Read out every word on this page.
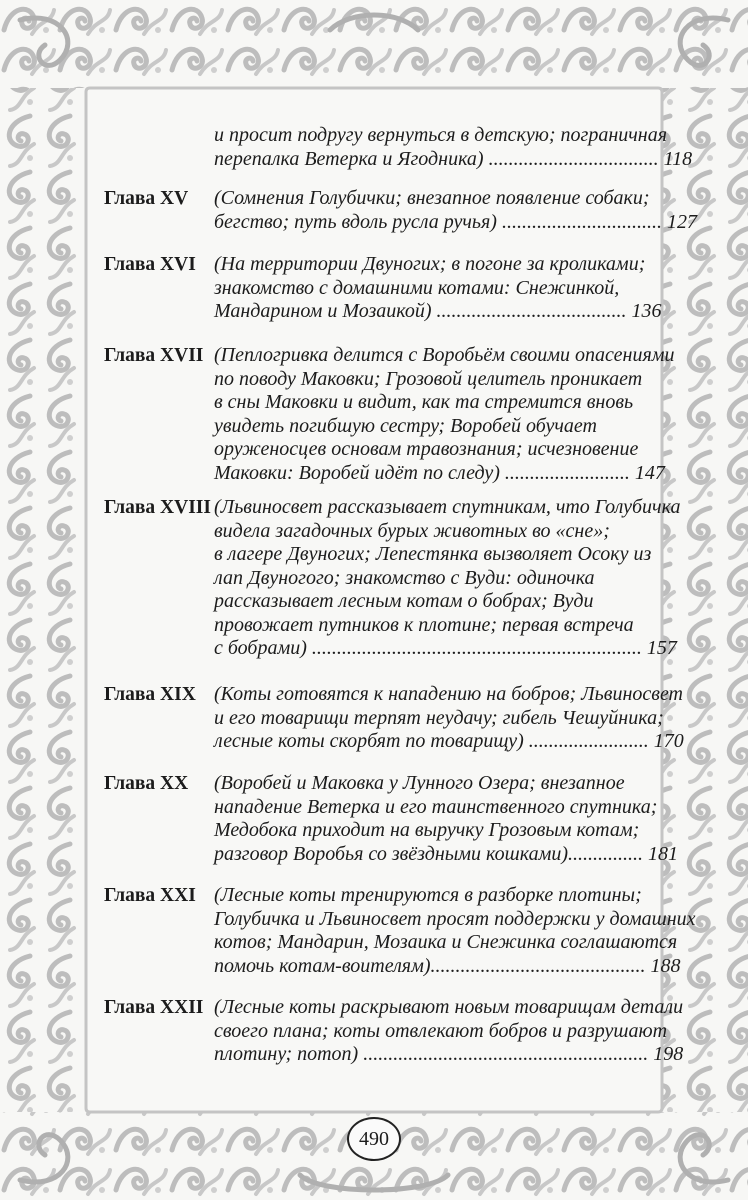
и просит подругу вернуться в детскую; пограничная
перепалка Ветерка и Ягодника) .................................. 118
Глава XV (Сомнения Голубички; внезапное появление собаки;
бегство; путь вдоль русла ручья) ................................ 127
Глава XVI (На территории Двуногих; в погоне за кроликами;
знакомство с домашними котами: Снежинкой,
Мандарином и Мозаикой) ...................................... 136
Глава XVII (Пеплогривка делится с Воробьём своими опасениями
по поводу Маковки; Грозовой целитель проникает
в сны Маковки и видит, как та стремится вновь
увидеть погибшую сестру; Воробей обучает
оруженосцев основам травознания; исчезновение
Маковки: Воробей идёт по следу) ......................... 147
Глава XVIII (Львиносвет рассказывает спутникам, что Голубичка
видела загадочных бурых животных во «сне»;
в лагере Двуногих; Лепестянка вызволяет Осоку из
лап Двуногого; знакомство с Вуди: одиночка
рассказывает лесным котам о бобрах; Вуди
провожает путников к плотине; первая встреча
с бобрами) .................................................................. 157
Глава XIX (Коты готовятся к нападению на бобров; Львиносвет
и его товарищи терпят неудачу; гибель Чешуйника;
лесные коты скорбят по товарищу) ........................ 170
Глава XX (Воробей и Маковка у Лунного Озера; внезапное
нападение Ветерка и его таинственного спутника;
Медобока приходит на выручку Грозовым котам;
разговор Воробья со звёздными кошками)............... 181
Глава XXI (Лесные коты тренируются в разборке плотины;
Голубичка и Львиносвет просят поддержки у домашних
котов; Мандарин, Мозаика и Снежинка соглашаются
помочь котам-воителям)........................................... 188
Глава XXII (Лесные коты раскрывают новым товарищам детали
своего плана; коты отвлекают бобров и разрушают
плотину; потоп) ......................................................... 198
490
